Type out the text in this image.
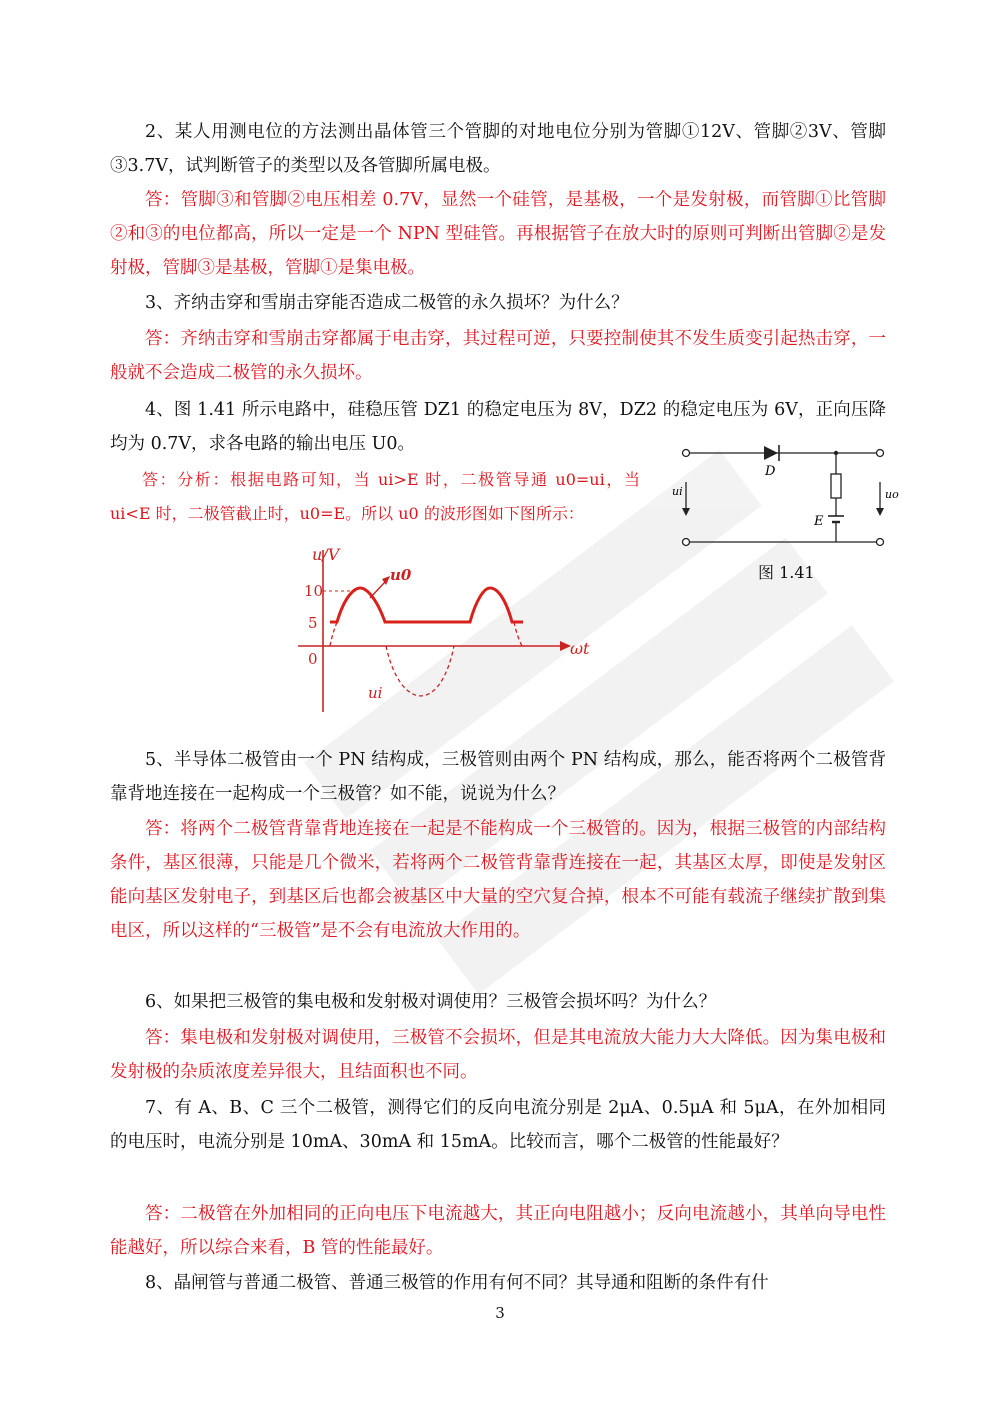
2、某人用测电位的方法测出晶体管三个管脚的对地电位分别为管脚①12V、管脚②3V、管脚③3.7V，试判断管子的类型以及各管脚所属电极。
答：管脚③和管脚②电压相差 0.7V，显然一个硅管，是基极，一个是发射极，而管脚①比管脚②和③的电位都高，所以一定是一个 NPN 型硅管。再根据管子在放大时的原则可判断出管脚②是发射极，管脚③是基极，管脚①是集电极。
3、齐纳击穿和雪崩击穿能否造成二极管的永久损坏？为什么？
答：齐纳击穿和雪崩击穿都属于电击穿，其过程可逆，只要控制使其不发生质变引起热击穿，一般就不会造成二极管的永久损坏。
4、图 1.41 所示电路中，硅稳压管 DZ1 的稳定电压为 8V，DZ2 的稳定电压为 6V，正向压降均为 0.7V，求各电路的输出电压 U0。
答：分析：根据电路可知，当 ui>E 时，二极管导通 u0=ui，当 ui<E 时，二极管截止时，u0=E。所以 u0 的波形图如下图所示：
D
E
ui	uo
图 1.41
10
5
0
u/V
ωt
u0
ui
5、半导体二极管由一个 PN 结构成，三极管则由两个 PN 结构成，那么，能否将两个二极管背靠背地连接在一起构成一个三极管？如不能，说说为什么？
答：将两个二极管背靠背地连接在一起是不能构成一个三极管的。因为，根据三极管的内部结构条件，基区很薄，只能是几个微米，若将两个二极管背靠背连接在一起，其基区太厚，即使是发射区能向基区发射电子，到基区后也都会被基区中大量的空穴复合掉，根本不可能有载流子继续扩散到集电区，所以这样的“三极管”是不会有电流放大作用的。
6、如果把三极管的集电极和发射极对调使用？三极管会损坏吗？为什么？
答：集电极和发射极对调使用，三极管不会损坏，但是其电流放大能力大大降低。因为集电极和发射极的杂质浓度差异很大，且结面积也不同。
7、有 A、B、C 三个二极管，测得它们的反向电流分别是 2μA、0.5μA 和 5μA，在外加相同的电压时，电流分别是 10mA、30mA 和 15mA。比较而言，哪个二极管的性能最好？
答：二极管在外加相同的正向电压下电流越大，其正向电阻越小；反向电流越小，其单向导电性能越好，所以综合来看，B 管的性能最好。
8、晶闸管与普通二极管、普通三极管的作用有何不同？其导通和阻断的条件有什
3
